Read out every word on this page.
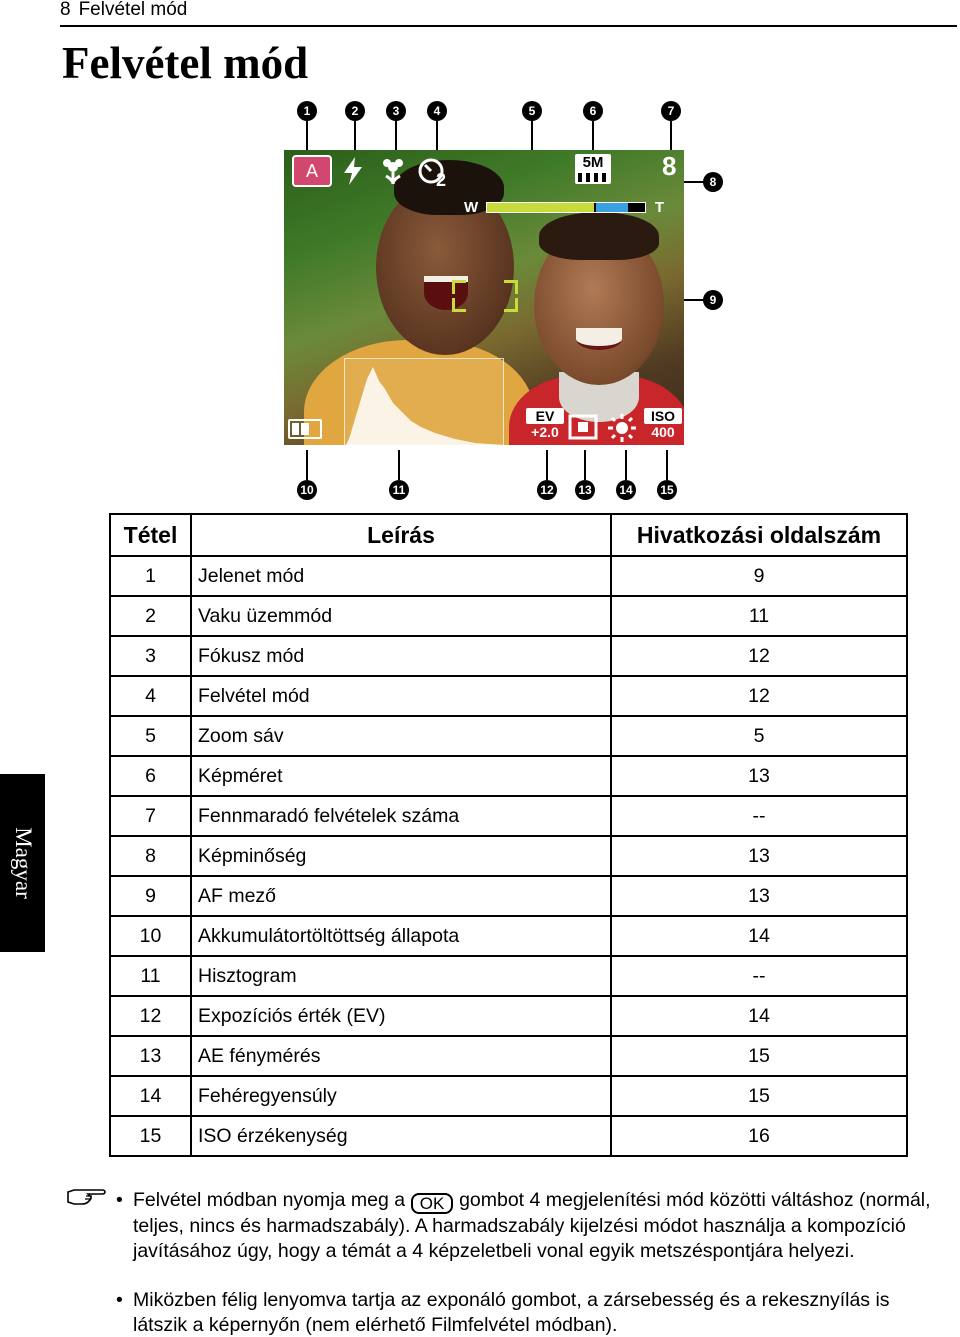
8 Felvétel mód
Felvétel mód
Magyar
1	2	3	4	5	6	7
8
9
A	2
5M 8
W	T
EV
+2.0
ISO
400
10	11	12 13 14 15
Tétel	Leírás	Hivatkozási oldalszám
1	Jelenet mód	9
2	Vaku üzemmód	11
3	Fókusz mód	12
4	Felvétel mód	12
5	Zoom sáv	5
6	Képméret	13
7	Fennmaradó felvételek száma	--
8	Képminőség	13
9	AF mező	13
10	Akkumulátortöltöttség állapota	14
11	Hisztogram	--
12	Expozíciós érték (EV)	14
13	AE fénymérés	15
14	Fehéregyensúly	15
15	ISO érzékenység	16
• Felvétel módban nyomja meg a OK gombot 4 megjelenítési mód közötti váltáshoz (normál, teljes, nincs és harmadszabály). A harmadszabály kijelzési módot használja a kompozíció javításához úgy, hogy a témát a 4 képzeletbeli vonal egyik metszéspontjára helyezi.
• Miközben félig lenyomva tartja az exponáló gombot, a zársebesség és a rekesznyílás is látszik a képernyőn (nem elérhető Filmfelvétel módban).
